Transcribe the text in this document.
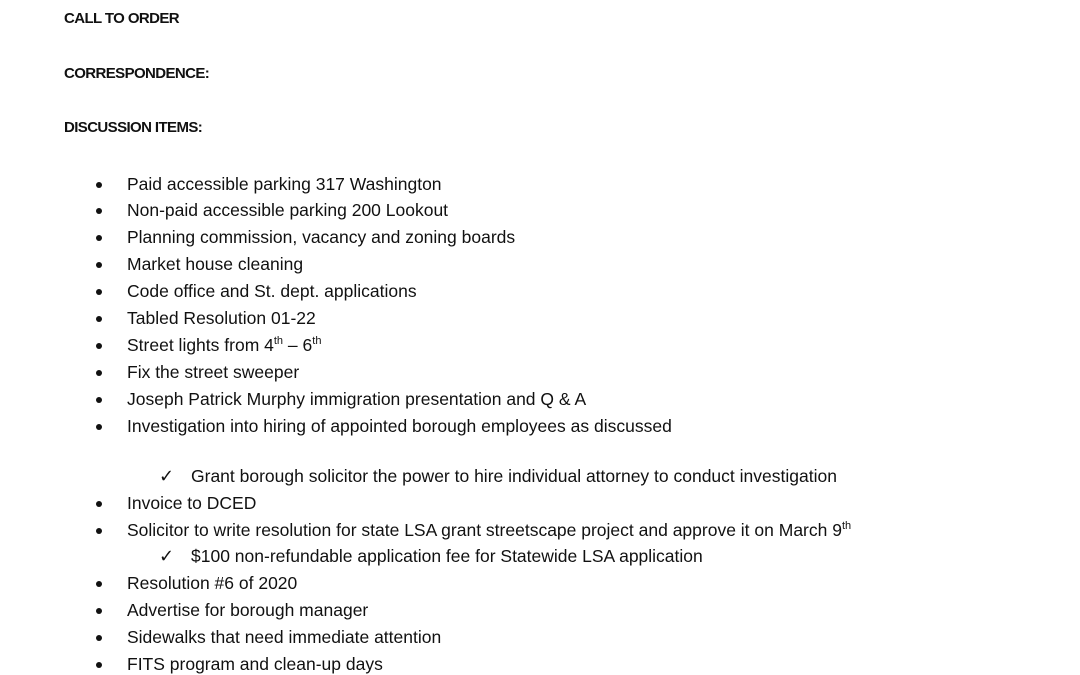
CALL TO ORDER
CORRESPONDENCE:
DISCUSSION ITEMS:
Paid accessible parking 317 Washington
Non-paid accessible parking 200 Lookout
Planning commission, vacancy and zoning boards
Market house cleaning
Code office and St. dept. applications
Tabled Resolution 01-22
Street lights from 4th – 6th
Fix the street sweeper
Joseph Patrick Murphy immigration presentation and Q & A
Investigation into hiring of appointed borough employees as discussed
✓ Grant borough solicitor the power to hire individual attorney to conduct investigation
Invoice to DCED
Solicitor to write resolution for state LSA grant streetscape project and approve it on March 9th
✓ $100 non-refundable application fee for Statewide LSA application
Resolution #6 of 2020
Advertise for borough manager
Sidewalks that need immediate attention
FITS program and clean-up days
